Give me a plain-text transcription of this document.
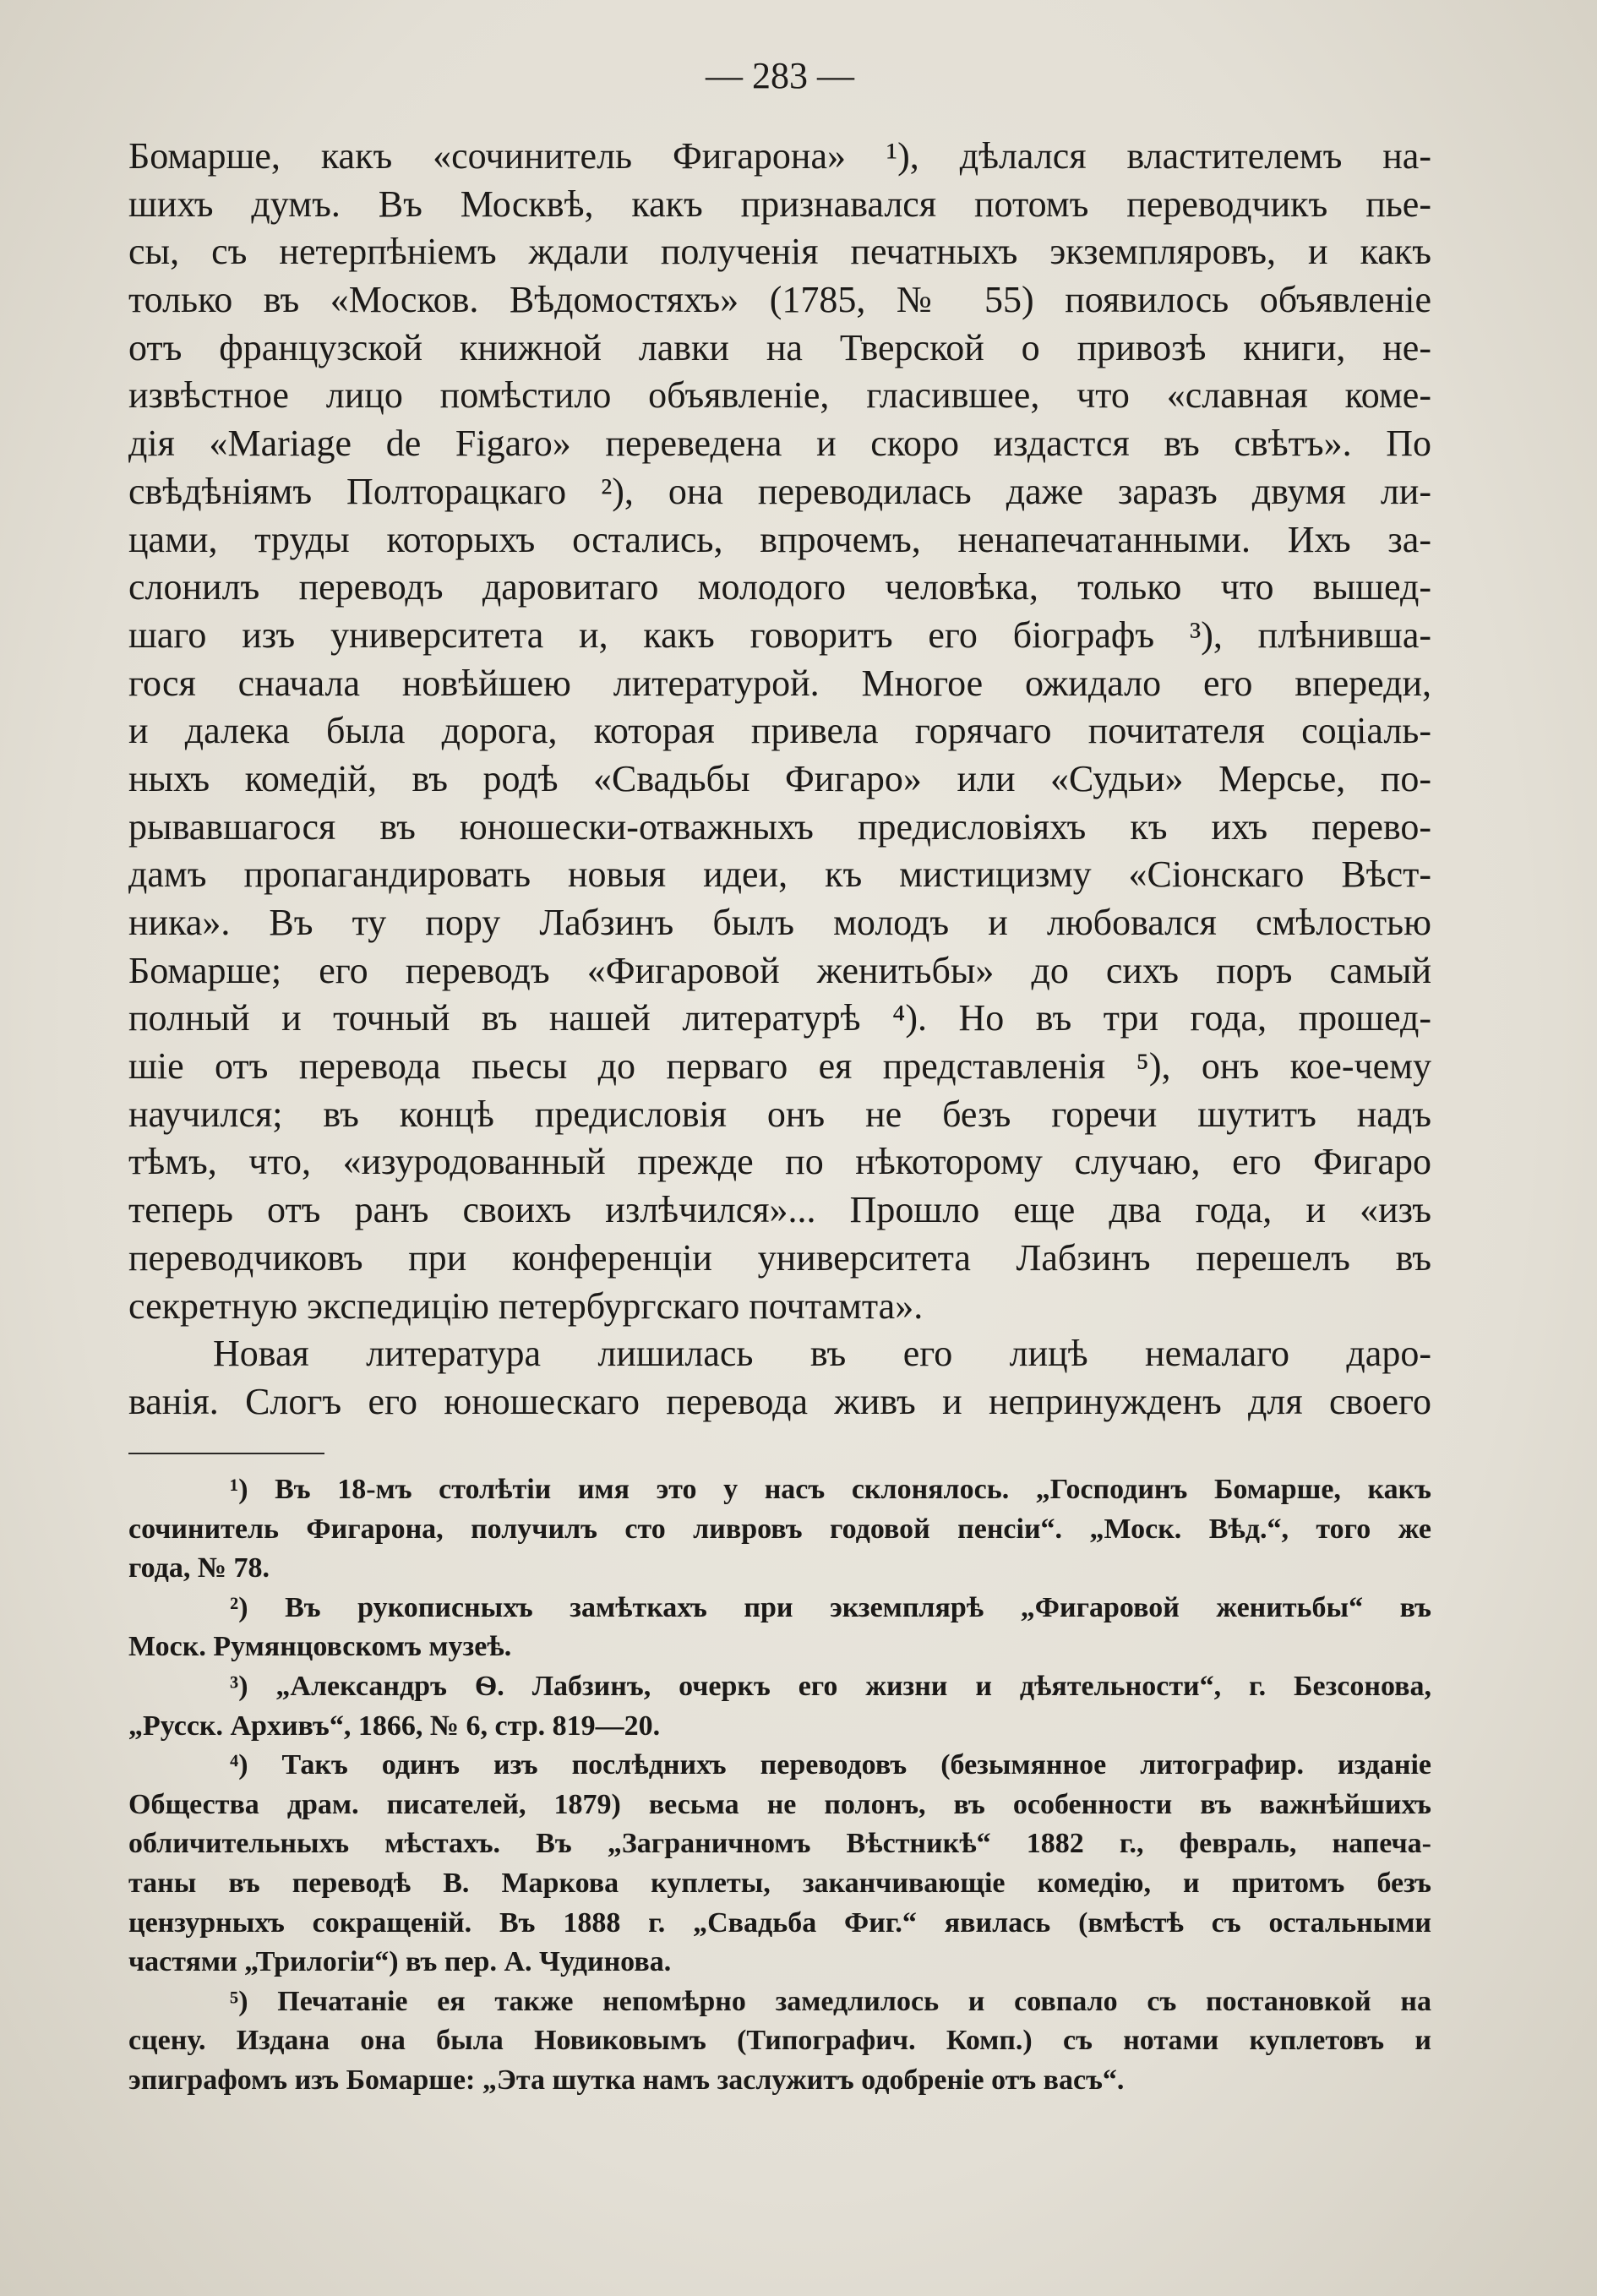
— 283 —
Бомарше, какъ «сочинитель Фигарона» ¹), дѣлался властителемъ на-
шихъ думъ. Въ Москвѣ, какъ признавался потомъ переводчикъ пье-
сы, съ нетерпѣніемъ ждали полученія печатныхъ экземпляровъ, и какъ
только въ «Москов. Вѣдомостяхъ» (1785, № 55) появилось объявленіе
отъ французской книжной лавки на Тверской о привозѣ книги, не-
извѣстное лицо помѣстило объявленіе, гласившее, что «славная коме-
дія «Mariage de Figaro» переведена и скоро издастся въ свѣтъ». По
свѣдѣніямъ Полторацкаго ²), она переводилась даже заразъ двумя ли-
цами, труды которыхъ остались, впрочемъ, ненапечатанными. Ихъ за-
слонилъ переводъ даровитаго молодого человѣка, только что вышед-
шаго изъ университета и, какъ говоритъ его біографъ ³), плѣнивша-
гося сначала новѣйшею литературой. Многое ожидало его впереди,
и далека была дорога, которая привела горячаго почитателя соціаль-
ныхъ комедій, въ родѣ «Свадьбы Фигаро» или «Судьи» Мерсье, по-
рывавшагося въ юношески-отважныхъ предисловіяхъ къ ихъ перево-
дамъ пропагандировать новыя идеи, къ мистицизму «Сіонскаго Вѣст-
ника». Въ ту пору Лабзинъ былъ молодъ и любовался смѣлостью
Бомарше; его переводъ «Фигаровой женитьбы» до сихъ поръ самый
полный и точный въ нашей литературѣ ⁴). Но въ три года, прошед-
шіе отъ перевода пьесы до перваго ея представленія ⁵), онъ кое-чему
научился; въ концѣ предисловія онъ не безъ горечи шутитъ надъ
тѣмъ, что, «изуродованный прежде по нѣкоторому случаю, его Фигаро
теперь отъ ранъ своихъ излѣчился»... Прошло еще два года, и «изъ
переводчиковъ при конференціи университета Лабзинъ перешелъ въ
секретную экспедицію петербургскаго почтамта».
Новая литература лишилась въ его лицѣ немалаго даро-
ванія. Слогъ его юношескаго перевода живъ и непринужденъ для своего
¹) Въ 18-мъ столѣтіи имя это у насъ склонялось. „Господинъ Бомарше, какъ
сочинитель Фигарона, получилъ сто ливровъ годовой пенсіи“. „Моск. Вѣд.“, того же
года, № 78.
²) Въ рукописныхъ замѣткахъ при экземплярѣ „Фигаровой женитьбы“ въ
Моск. Румянцовскомъ музеѣ.
³) „Александръ Ѳ. Лабзинъ, очеркъ его жизни и дѣятельности“, г. Безсонова,
„Русск. Архивъ“, 1866, № 6, стр. 819—20.
⁴) Такъ одинъ изъ послѣднихъ переводовъ (безымянное литографир. изданіе
Общества драм. писателей, 1879) весьма не полонъ, въ особенности въ важнѣйшихъ
обличительныхъ мѣстахъ. Въ „Заграничномъ Вѣстникѣ“ 1882 г., февраль, напеча-
таны въ переводѣ В. Маркова куплеты, заканчивающіе комедію, и притомъ безъ
цензурныхъ сокращеній. Въ 1888 г. „Свадьба Фиг.“ явилась (вмѣстѣ съ остальными
частями „Трилогіи“) въ пер. А. Чудинова.
⁵) Печатаніе ея также непомѣрно замедлилось и совпало съ постановкой на
сцену. Издана она была Новиковымъ (Типографич. Комп.) съ нотами куплетовъ и
эпиграфомъ изъ Бомарше: „Эта шутка намъ заслужитъ одобреніе отъ васъ“.
